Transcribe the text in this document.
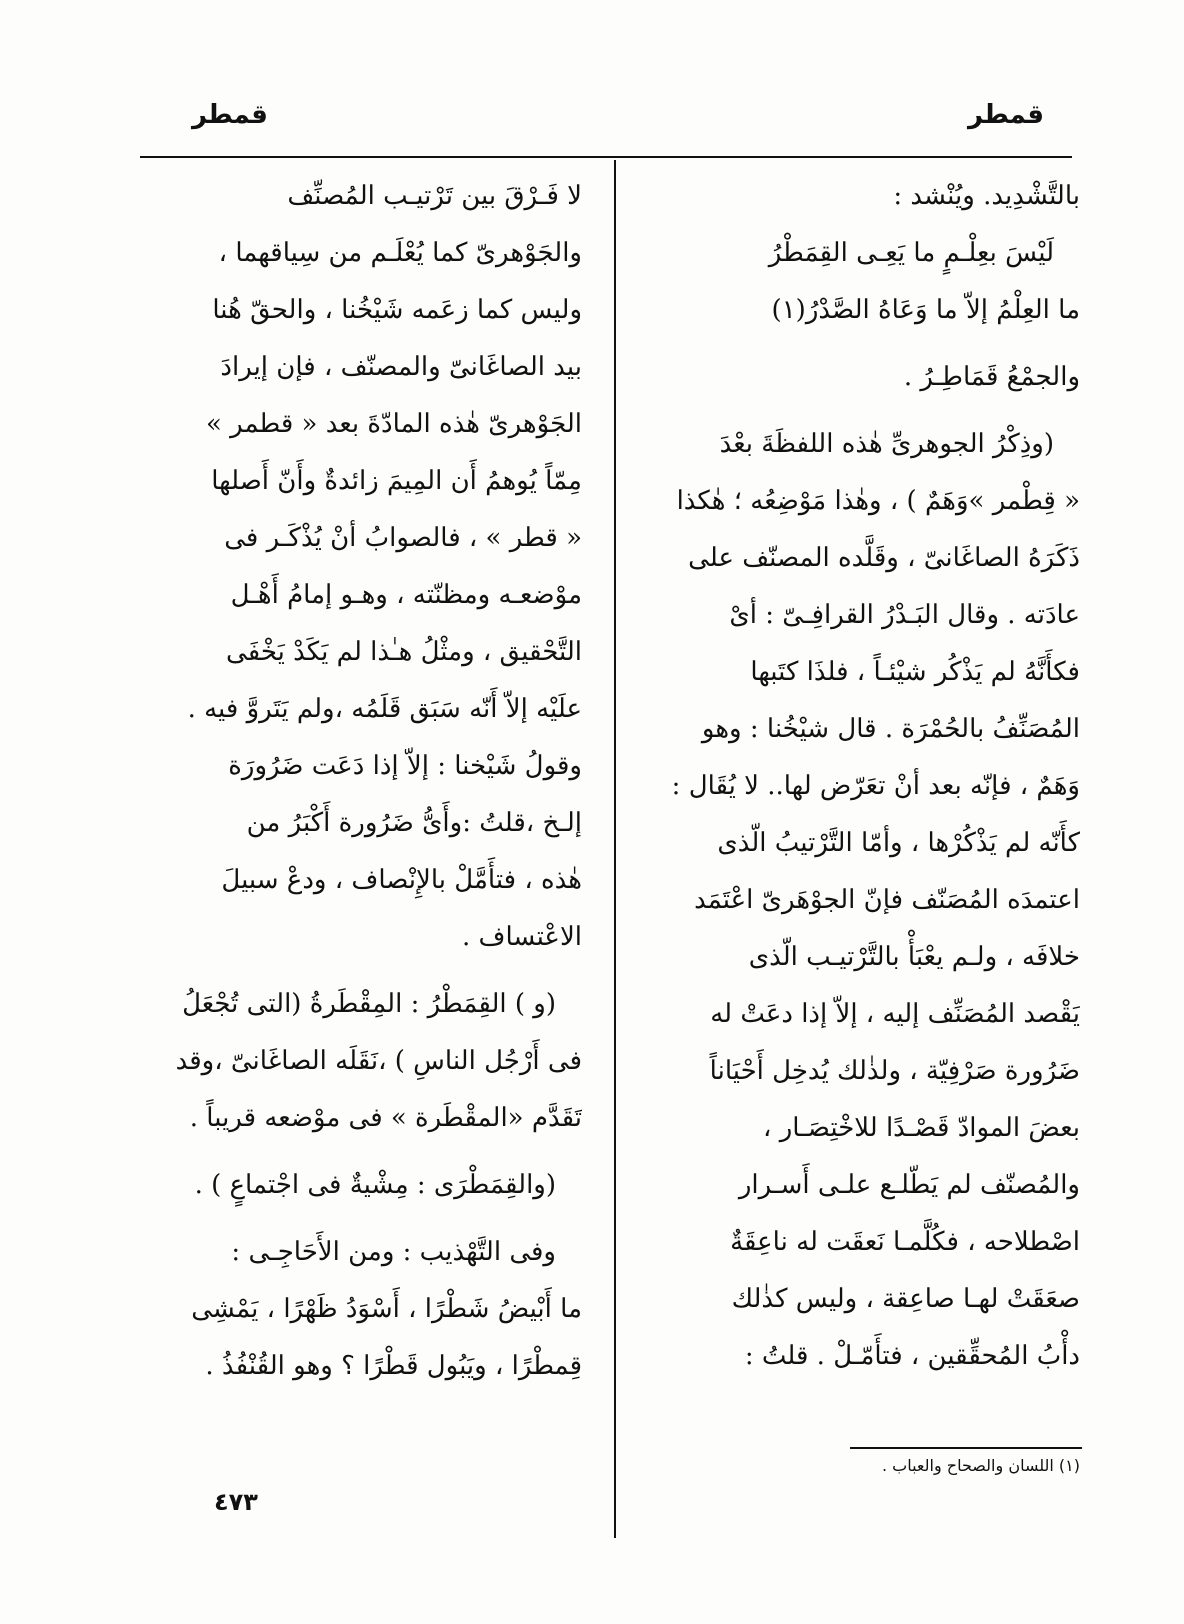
قمطر
قمطر
بالتَّشْدِيد. ويُنْشد :
لَيْسَ بعِلْـمٍ ما يَعِـى القِمَطْرُ
ما العِلْمُ إلاّ ما وَعَاهُ الصَّدْرُ(١)
والجمْعُ قَمَاطِـرُ .
(وذِكْرُ الجوهرىِّ هٰذه اللفظَةَ بعْدَ
« قِطْمر »وَهَمٌ ) ، وهٰذا مَوْضِعُه ؛ هٰكذا
ذَكَرَهُ الصاغَانىّ ، وقَلَّده المصنّف على
عادَته . وقال البَـدْرُ القرافِـىّ : أىْ
فكأَنَّهُ لم يَذْكُر شيْئـاً ، فلذَا كتَبها
المُصَنِّفُ بالحُمْرَة . قال شيْخُنا : وهو
وَهَمٌ ، فإنّه بعد أنْ تعَرّض لها.. لا يُقَال :
كأَنّه لم يَذْكُرْها ، وأمّا التَّرْتيبُ الّذى
اعتمدَه المُصَنّف فإنّ الجوْهَرىّ اعْتَمَد
خلافَه ، ولـم يعْبَأْ بالتَّرْتيـب الّذى
يَقْصد المُصَنِّف إليه ، إلاّ إذا دعَتْ له
ضَرُورة صَرْفِيّة ، ولذٰلك يُدخِل أَحْيَاناً
بعضَ الموادّ قَصْـدًا للاخْتِصَـار ،
والمُصنّف لم يَطّلـع علـى أَسـرار
اصْطلاحه ، فكُلَّمـا نَعقَت له ناعِقَةٌ
صعَقَتْ لهـا صاعِقة ، وليس كذٰلك
دأْبُ المُحقِّقين ، فتأَمّـلْ . قلتُ :
لا فَـرْقَ بين تَرْتيـب المُصنِّف
والجَوْهرىّ كما يُعْلَـم من سِياقهما ،
وليس كما زعَمه شَيْخُنا ، والحقّ هُنا
بيد الصاغَانىّ والمصنّف ، فإن إيرادَ
الجَوْهرىّ هٰذه المادّةَ بعد « قطمر »
مِمّاً يُوهمُ أَن المِيمَ زائدةٌ وأَنّ أَصلها
« قطر » ، فالصوابُ أنْ يُذْكَـر فى
موْضعـه ومظنّته ، وهـو إمامُ أَهْـل
التَّحْقيق ، ومثْلُ هـٰذا لم يَكَدْ يَخْفَى
علَيْه إلاّ أَنّه سَبَق قَلَمُه ،ولم يَتَروَّ فيه .
وقولُ شَيْخنا : إلاّ إذا دَعَت ضَرُورَة
إلـخ ،قلتُ :وأَىُّ ضَرُورة أَكْبَرُ من
هٰذه ، فتأَمَّلْ بالإِنْصاف ، ودعْ سبيلَ
الاعْتساف .
(و ) القِمَطْرُ : المِقْطَرةُ (التى تُجْعَلُ
فى أَرْجُل الناسِ ) ،نَقَلَه الصاغَانىّ ،وقد
تَقَدَّم «المقْطَرة » فى موْضعه قريباً .
(والقِمَطْرَى : مِشْيةٌ فى اجْتماعٍ ) .
وفى التَّهْذيب : ومن الأَحَاجِـى :
ما أَبْيضُ شَطْرًا ، أَسْوَدُ ظَهْرًا ، يَمْشِى
قِمطْرًا ، ويَبُول قَطْرًا ؟ وهو القُنْفُذُ .
(١) اللسان والصحاح والعباب .
٤٧٣
